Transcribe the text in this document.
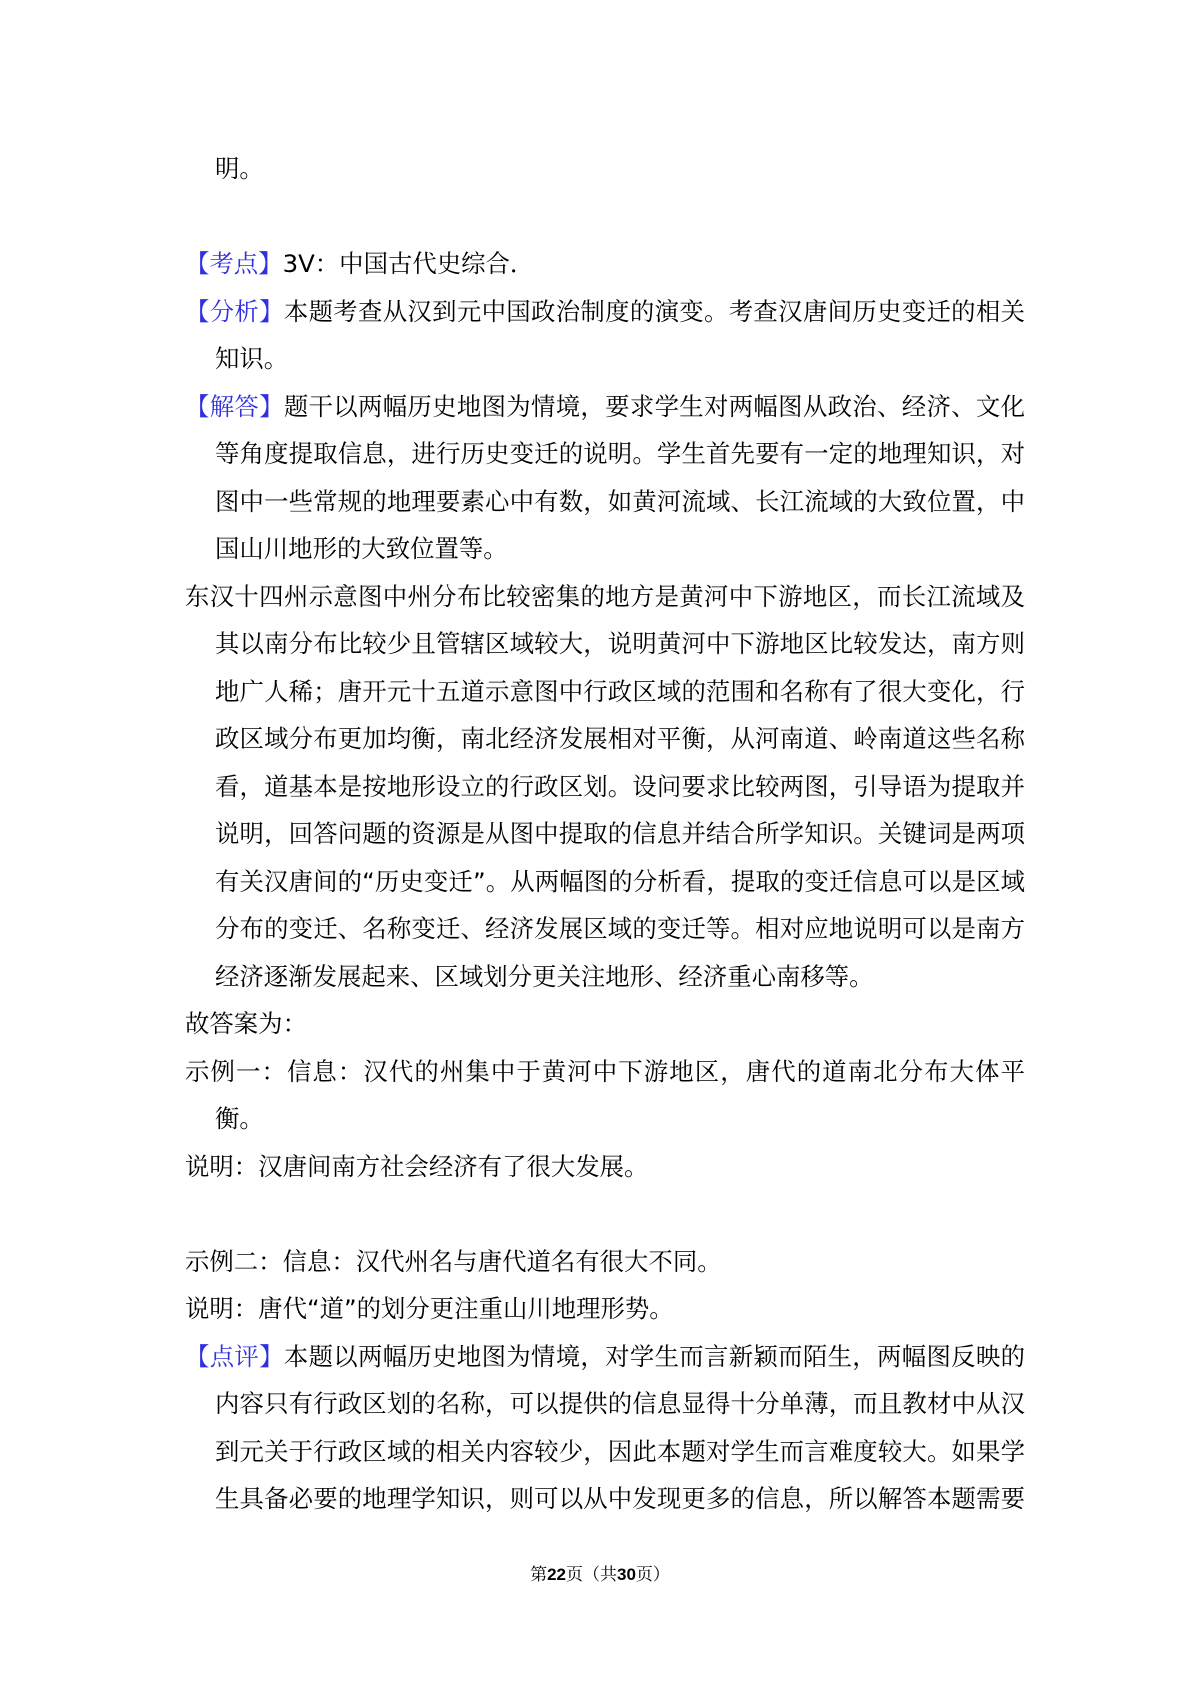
明。
【考点】3V：中国古代史综合．
【分析】本题考查从汉到元中国政治制度的演变。考查汉唐间历史变迁的相关
知识。
【解答】题干以两幅历史地图为情境，要求学生对两幅图从政治、经济、文化
等角度提取信息，进行历史变迁的说明。学生首先要有一定的地理知识，对
图中一些常规的地理要素心中有数，如黄河流域、长江流域的大致位置，中
国山川地形的大致位置等。
东汉十四州示意图中州分布比较密集的地方是黄河中下游地区，而长江流域及
其以南分布比较少且管辖区域较大，说明黄河中下游地区比较发达，南方则
地广人稀；唐开元十五道示意图中行政区域的范围和名称有了很大变化，行
政区域分布更加均衡，南北经济发展相对平衡，从河南道、岭南道这些名称
看，道基本是按地形设立的行政区划。设问要求比较两图，引导语为提取并
说明，回答问题的资源是从图中提取的信息并结合所学知识。关键词是两项
有关汉唐间的“历史变迁”。从两幅图的分析看，提取的变迁信息可以是区域
分布的变迁、名称变迁、经济发展区域的变迁等。相对应地说明可以是南方
经济逐渐发展起来、区域划分更关注地形、经济重心南移等。
故答案为：
示例一：信息：汉代的州集中于黄河中下游地区，唐代的道南北分布大体平
衡。
说明：汉唐间南方社会经济有了很大发展。
示例二：信息：汉代州名与唐代道名有很大不同。
说明：唐代“道”的划分更注重山川地理形势。
【点评】本题以两幅历史地图为情境，对学生而言新颖而陌生，两幅图反映的
内容只有行政区划的名称，可以提供的信息显得十分单薄，而且教材中从汉
到元关于行政区域的相关内容较少，因此本题对学生而言难度较大。如果学
生具备必要的地理学知识，则可以从中发现更多的信息，所以解答本题需要
第22页（共30页）
